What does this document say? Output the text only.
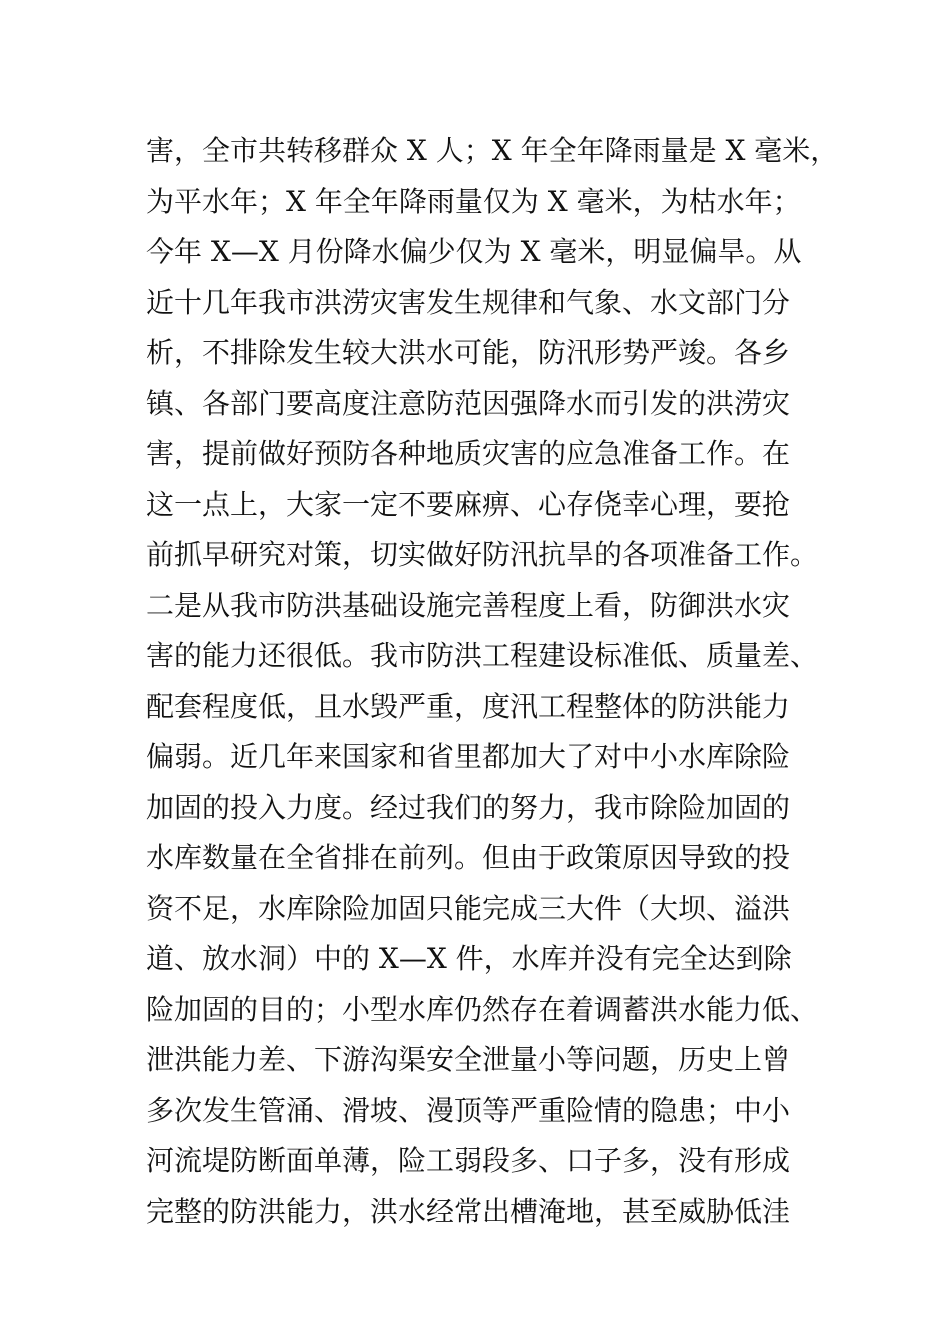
害，全市共转移群众 X 人；X 年全年降雨量是 X 毫米，
为平水年；X 年全年降雨量仅为 X 毫米，为枯水年；
今年 X—X 月份降水偏少仅为 X 毫米，明显偏旱。从
近十几年我市洪涝灾害发生规律和气象、水文部门分
析，不排除发生较大洪水可能，防汛形势严竣。各乡
镇、各部门要高度注意防范因强降水而引发的洪涝灾
害，提前做好预防各种地质灾害的应急准备工作。在
这一点上，大家一定不要麻痹、心存侥幸心理，要抢
前抓早研究对策，切实做好防汛抗旱的各项准备工作。
二是从我市防洪基础设施完善程度上看，防御洪水灾
害的能力还很低。我市防洪工程建设标准低、质量差、
配套程度低，且水毁严重，度汛工程整体的防洪能力
偏弱。近几年来国家和省里都加大了对中小水库除险
加固的投入力度。经过我们的努力，我市除险加固的
水库数量在全省排在前列。但由于政策原因导致的投
资不足，水库除险加固只能完成三大件（大坝、溢洪
道、放水洞）中的 X—X 件，水库并没有完全达到除
险加固的目的；小型水库仍然存在着调蓄洪水能力低、
泄洪能力差、下游沟渠安全泄量小等问题，历史上曾
多次发生管涌、滑坡、漫顶等严重险情的隐患；中小
河流堤防断面单薄，险工弱段多、口子多，没有形成
完整的防洪能力，洪水经常出槽淹地，甚至威胁低洼
